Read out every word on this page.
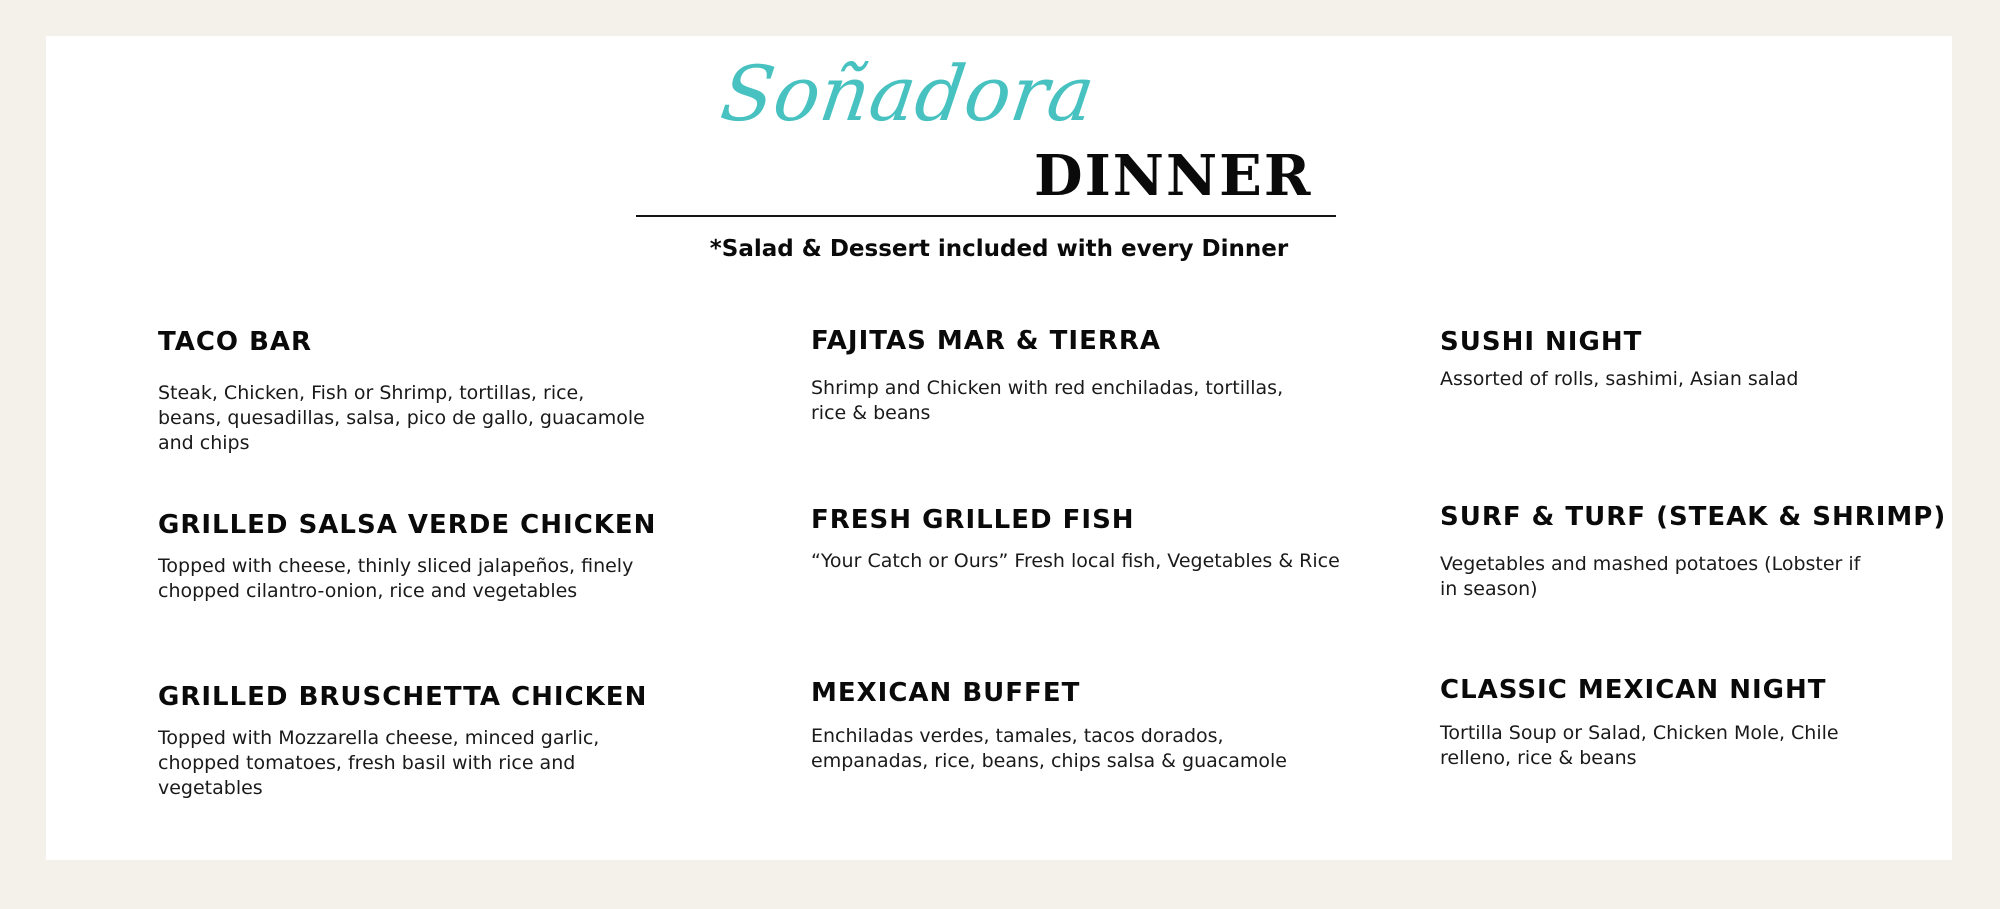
Soñadora
DINNER
*Salad & Dessert included with every Dinner
TACO BAR

Steak, Chicken, Fish or Shrimp, tortillas, rice, beans, quesadillas, salsa, pico de gallo, guacamole and chips

GRILLED SALSA VERDE CHICKEN

Topped with cheese, thinly sliced jalapeños, finely chopped cilantro-onion, rice and vegetables

GRILLED BRUSCHETTA CHICKEN

Topped with Mozzarella cheese, minced garlic, chopped tomatoes, fresh basil with rice and vegetables

FAJITAS MAR & TIERRA

Shrimp and Chicken with red enchiladas, tortillas, rice & beans

FRESH GRILLED FISH

“Your Catch or Ours” Fresh local fish, Vegetables & Rice

MEXICAN BUFFET

Enchiladas verdes, tamales, tacos dorados, empanadas, rice, beans, chips salsa & guacamole

SUSHI NIGHT

Assorted of rolls, sashimi, Asian salad

SURF & TURF (STEAK & SHRIMP)

Vegetables and mashed potatoes (Lobster if in season)

CLASSIC MEXICAN NIGHT

Tortilla Soup or Salad, Chicken Mole, Chile relleno, rice & beans
